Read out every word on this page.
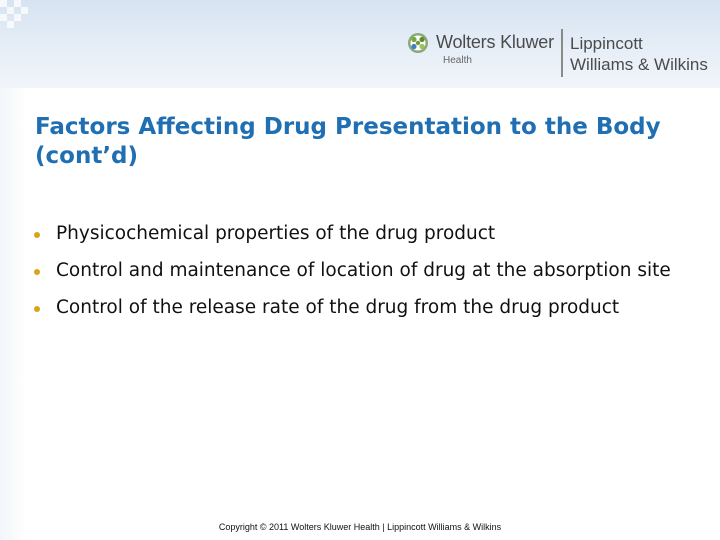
Wolters Kluwer
Health
Lippincott
Williams & Wilkins
Factors Affecting Drug Presentation to the Body (cont’d)
Physicochemical properties of the drug product
Control and maintenance of location of drug at the absorption site
Control of the release rate of the drug from the drug product
Copyright © 2011 Wolters Kluwer Health | Lippincott Williams & Wilkins
